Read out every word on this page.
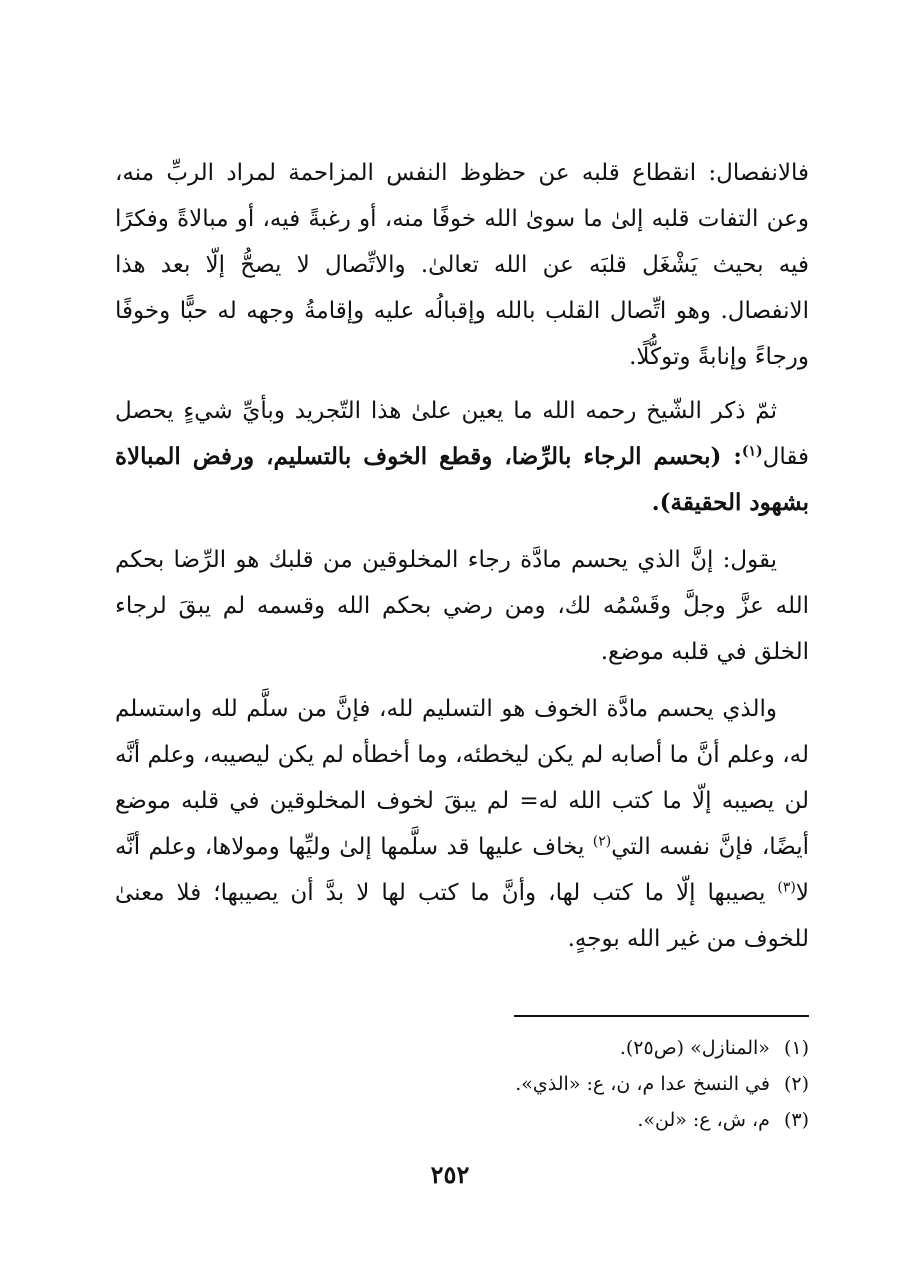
فالانفصال: انقطاع قلبه عن حظوظ النفس المزاحمة لمراد الربِّ منه، وعن التفات قلبه إلىٰ ما سوىٰ الله خوفًا منه، أو رغبةً فيه، أو مبالاةً وفكرًا فيه بحيث يَشْغَل قلبَه عن الله تعالىٰ. والاتِّصال لا يصحُّ إلّا بعد هذا الانفصال. وهو اتِّصال القلب بالله وإقبالُه عليه وإقامةُ وجهه له حبًّا وخوفًا ورجاءً وإنابةً وتوكُّلًا.

ثمّ ذكر الشّيخ رحمه الله ما يعين علىٰ هذا التّجريد وبأيِّ شيءٍ يحصل فقال$^{(١)}$: (بحسم الرجاء بالرِّضا، وقطع الخوف بالتسليم، ورفض المبالاة بشهود الحقيقة).

يقول: إنَّ الذي يحسم مادَّة رجاء المخلوقين من قلبك هو الرِّضا بحكم الله عزَّ وجلَّ وقَسْمُه لك، ومن رضي بحكم الله وقسمه لم يبقَ لرجاء الخلق في قلبه موضع.

والذي يحسم مادَّة الخوف هو التسليم لله، فإنَّ من سلَّم لله واستسلم له، وعلم أنَّ ما أصابه لم يكن ليخطئه، وما أخطأه لم يكن ليصيبه، وعلم أنَّه لن يصيبه إلّا ما كتب الله له= لم يبقَ لخوف المخلوقين في قلبه موضع أيضًا، فإنَّ نفسه التي$^{(٢)}$ يخاف عليها قد سلَّمها إلىٰ وليِّها ومولاها، وعلم أنَّه لا$^{(٣)}$ يصيبها إلّا ما كتب لها، وأنَّ ما كتب لها لا بدَّ أن يصيبها؛ فلا معنىٰ للخوف من غير الله بوجهٍ.

(١)«المنازل» (ص٢٥).
(٢)في النسخ عدا م، ن، ع: «الذي».
(٣)م، ش، ع: «لن».
٢٥٢
